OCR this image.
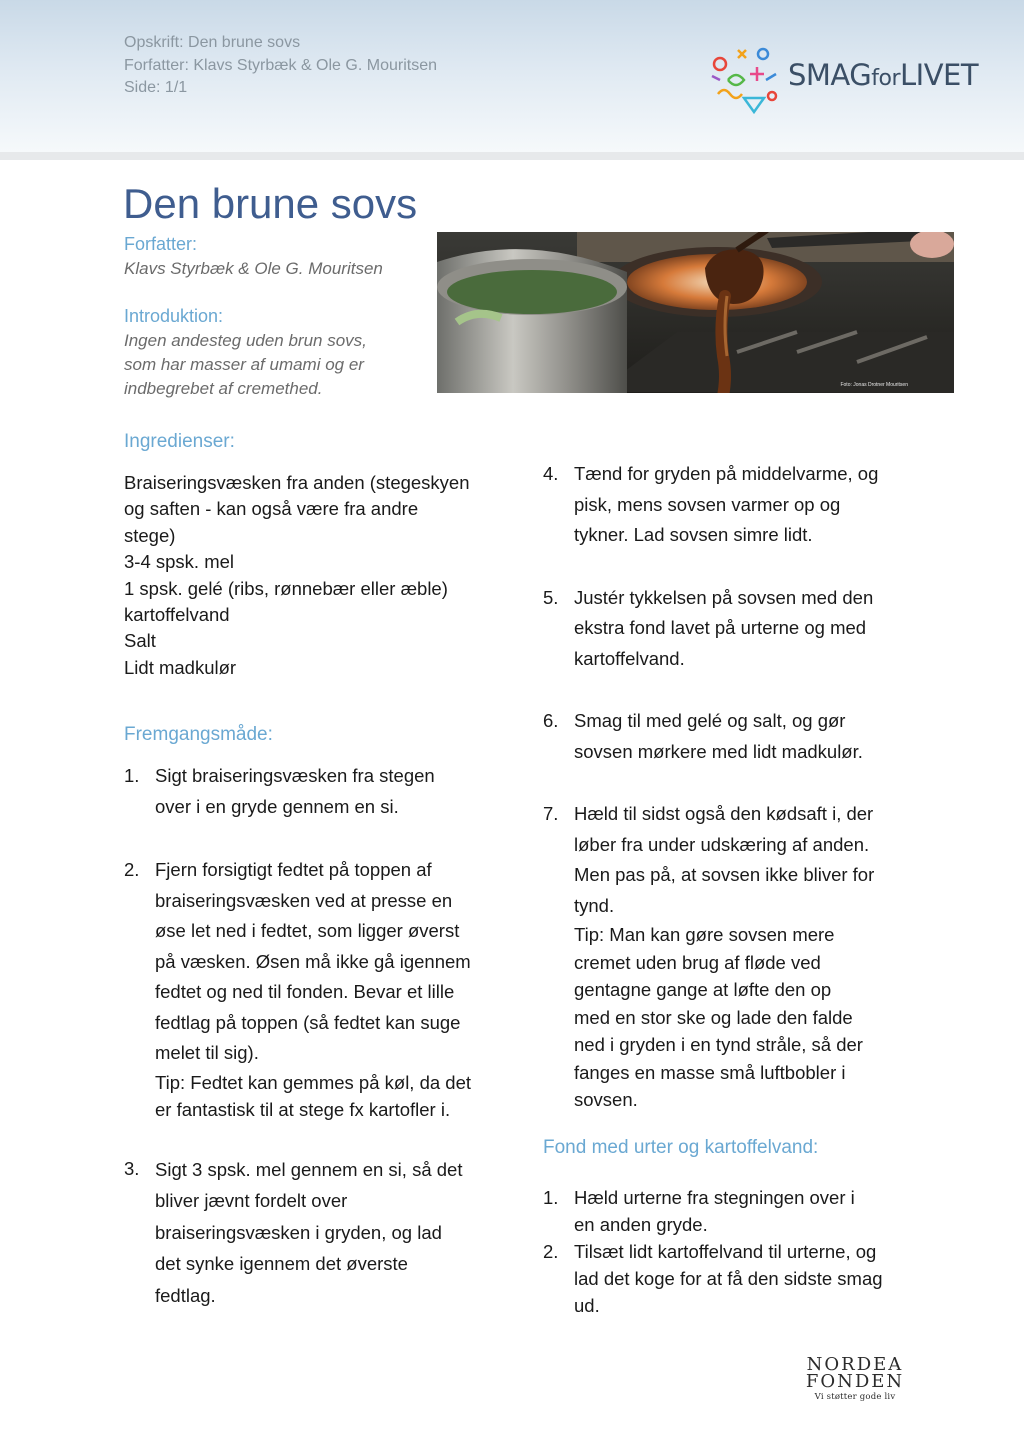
Opskrift: Den brune sovs
Forfatter: Klavs Styrbæk & Ole G. Mouritsen
Side: 1/1	SMAGforLIVET
Den brune sovs

Forfatter:

Klavs Styrbæk & Ole G. Mouritsen

Introduktion:

Ingen andesteg uden brun sovs,
som har masser af umami og er
indbegrebet af cremethed.	Foto: Jonas Drotner Mouritsen

Ingredienser:

Braiseringsvæsken fra anden (stegeskyen
og saften - kan også være fra andre
stege)
3-4 spsk. mel
1 spsk. gelé (ribs, rønnebær eller æble)
kartoffelvand
Salt
Lidt madkulør

Fremgangsmåde:

1. Sigt braiseringsvæsken fra stegen
over i en gryde gennem en si.
2. Fjern forsigtigt fedtet på toppen af
braiseringsvæsken ved at presse en
øse let ned i fedtet, som ligger øverst
på væsken. Øsen må ikke gå igennem
fedtet og ned til fonden. Bevar et lille
fedtlag på toppen (så fedtet kan suge
melet til sig).
Tip: Fedtet kan gemmes på køl, da det
er fantastisk til at stege fx kartofler i.
3. Sigt 3 spsk. mel gennem en si, så det
bliver jævnt fordelt over
braiseringsvæsken i gryden, og lad
det synke igennem det øverste
fedtlag.
4. Tænd for gryden på middelvarme, og
pisk, mens sovsen varmer op og
tykner. Lad sovsen simre lidt.
5. Justér tykkelsen på sovsen med den
ekstra fond lavet på urterne og med
kartoffelvand.
6. Smag til med gelé og salt, og gør
sovsen mørkere med lidt madkulør.
7. Hæld til sidst også den kødsaft i, der
løber fra under udskæring af anden.
Men pas på, at sovsen ikke bliver for
tynd.
Tip: Man kan gøre sovsen mere
cremet uden brug af fløde ved
gentagne gange at løfte den op
med en stor ske og lade den falde
ned i gryden i en tynd stråle, så der
fanges en masse små luftbobler i
sovsen.

Fond med urter og kartoffelvand:

1. Hæld urterne fra stegningen over i
en anden gryde.
2. Tilsæt lidt kartoffelvand til urterne, og
lad det koge for at få den sidste smag
ud.
NORDEA
FONDEN
Vi støtter gode liv
